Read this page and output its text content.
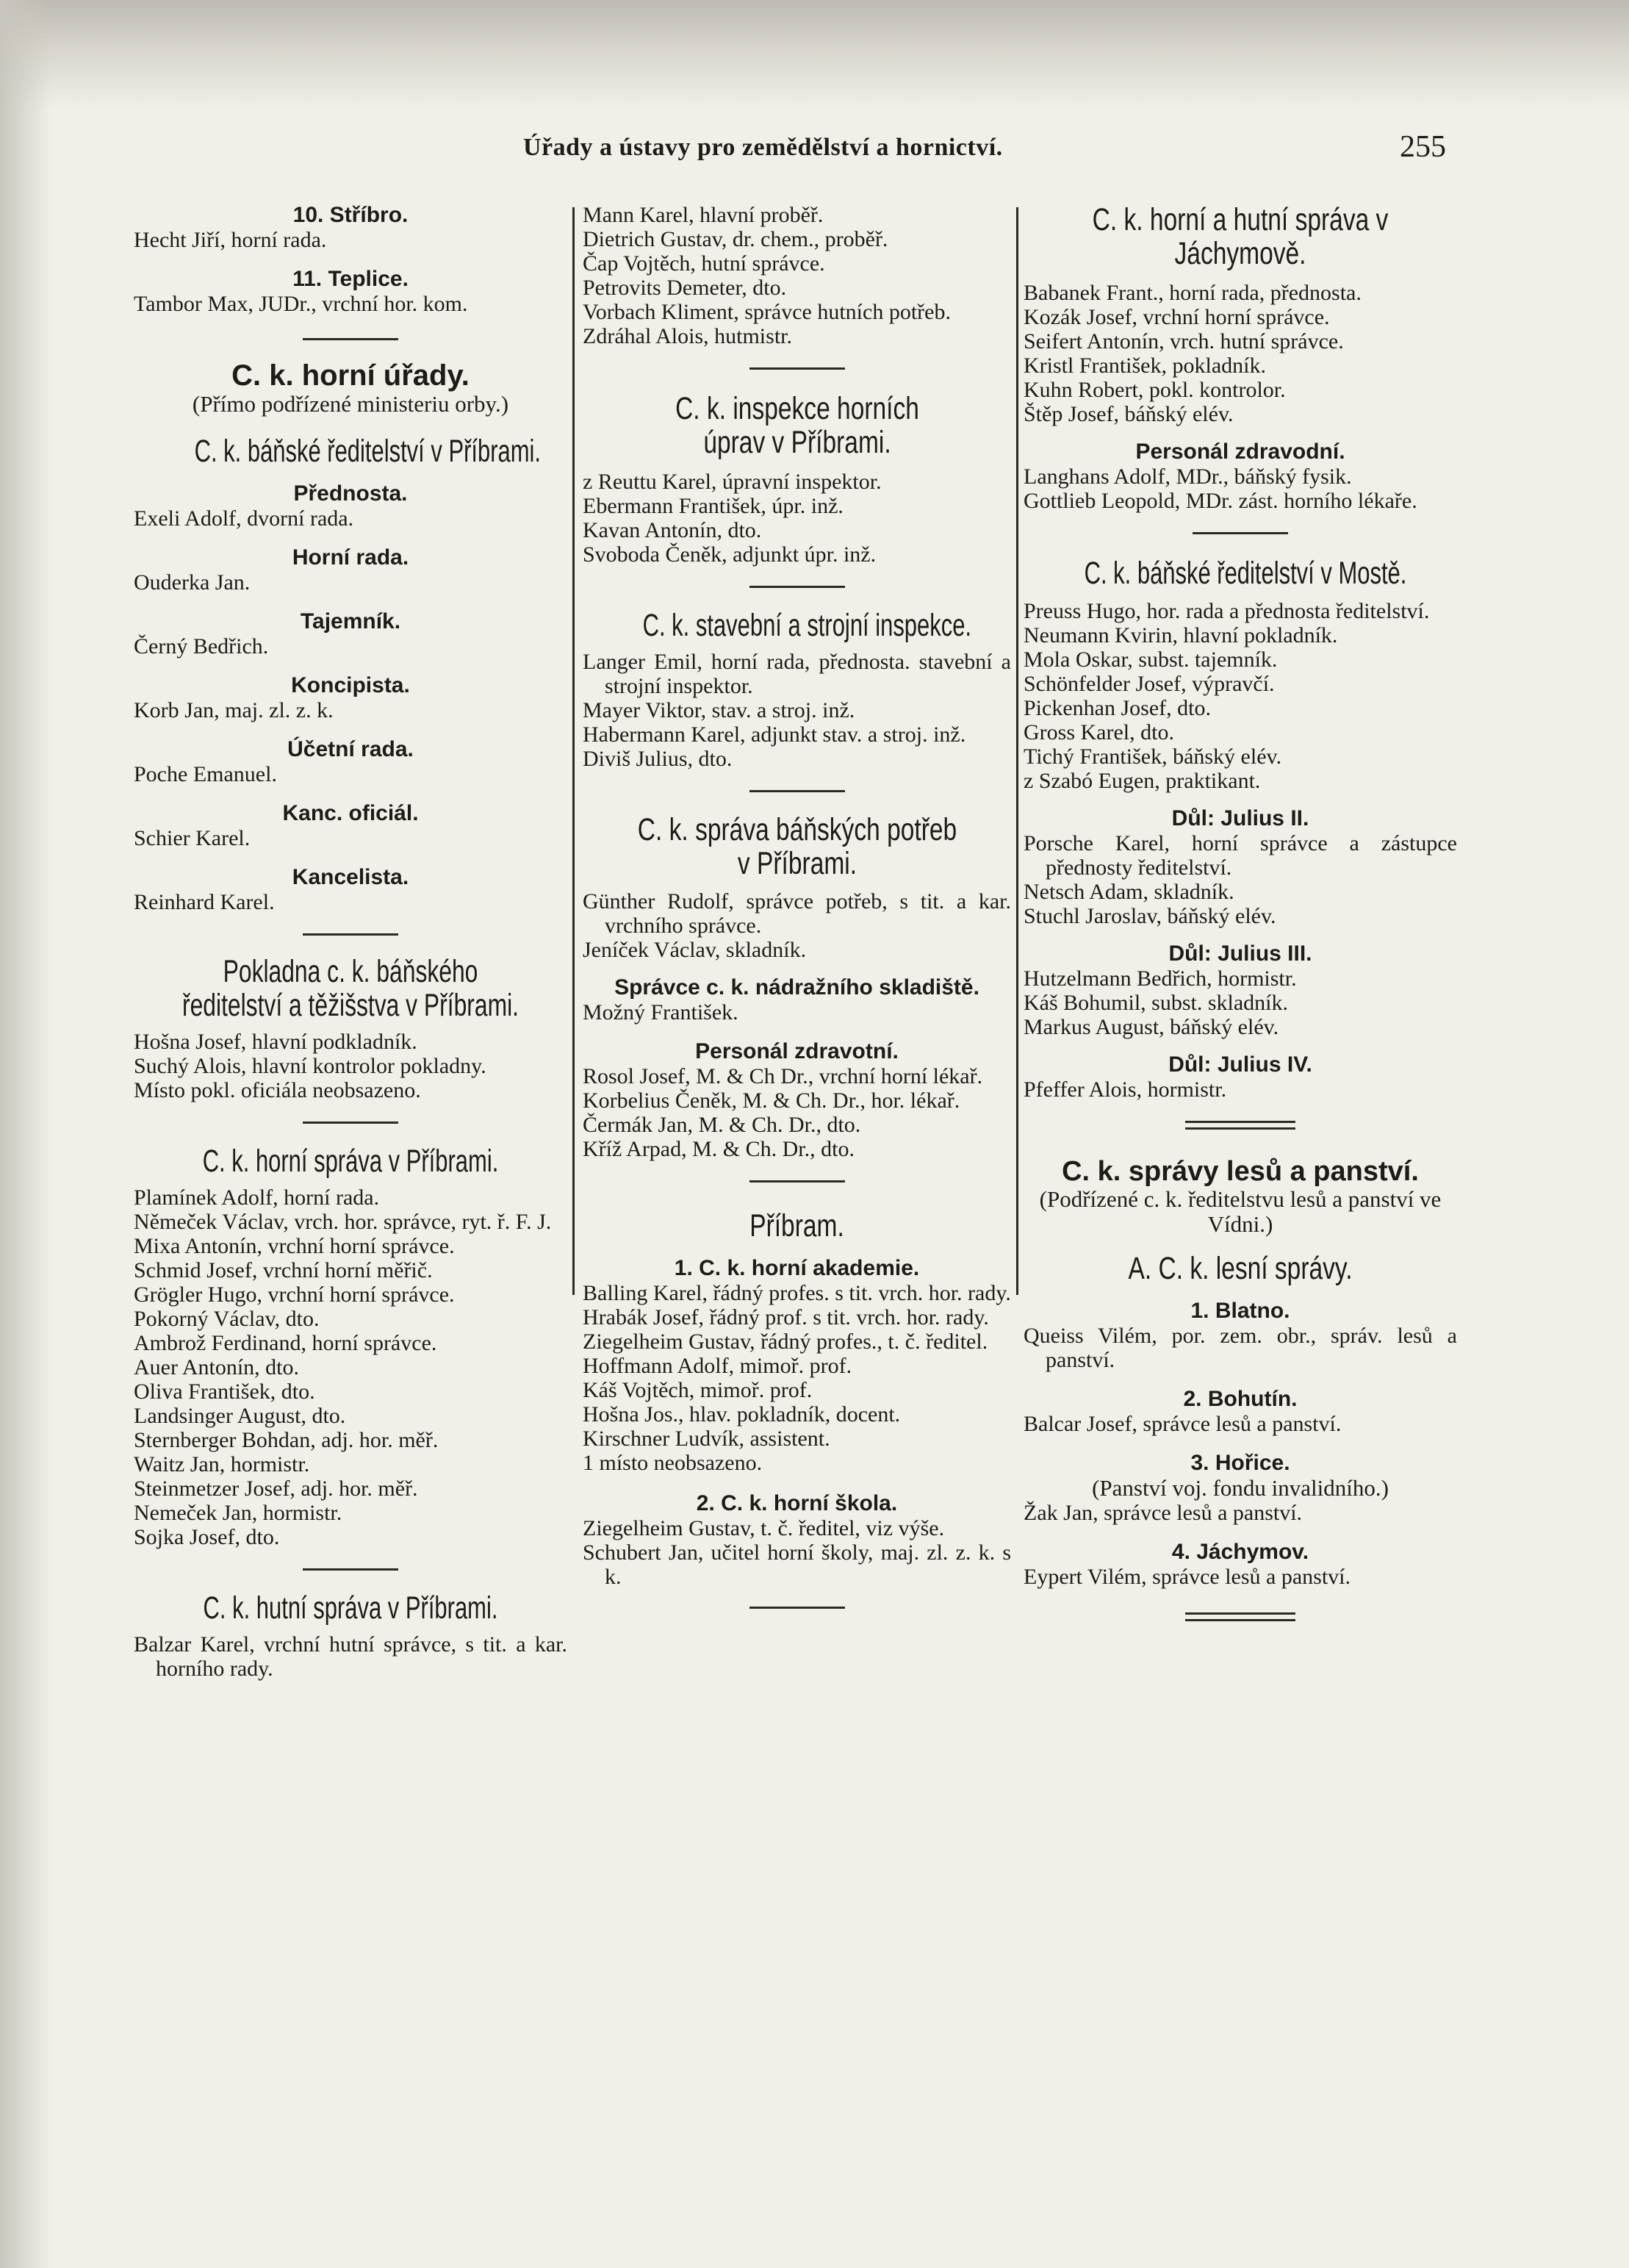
Úřady a ústavy pro zemědělství a hornictví.	255
10. Stříbro.
Hecht Jiří, horní rada.
11. Teplice.
Tambor Max, JUDr., vrchní hor. kom.
C. k. horní úřady.
(Přímo podřízené ministeriu orby.)
C. k. báňské ředitelství v Příbrami.
Přednosta.
Exeli Adolf, dvorní rada.
Horní rada.
Ouderka Jan.
Tajemník.
Černý Bedřich.
Koncipista.
Korb Jan, maj. zl. z. k.
Účetní rada.
Poche Emanuel.
Kanc. oficiál.
Schier Karel.
Kancelista.
Reinhard Karel.
Pokladna c. k. báňského ředitelství a těžišstva v Příbrami.
Hošna Josef, hlavní podkladník.
Suchý Alois, hlavní kontrolor pokladny.
Místo pokl. oficiála neobsazeno.
C. k. horní správa v Příbrami.
Plamínek Adolf, horní rada.
Němeček Václav, vrch. hor. správce, ryt. ř. F. J.
Mixa Antonín, vrchní horní správce.
Schmid Josef, vrchní horní měřič.
Grögler Hugo, vrchní horní správce.
Pokorný Václav, dto.
Ambrož Ferdinand, horní správce.
Auer Antonín, dto.
Oliva František, dto.
Landsinger August, dto.
Sternberger Bohdan, adj. hor. měř.
Waitz Jan, hormistr.
Steinmetzer Josef, adj. hor. měř.
Nemeček Jan, hormistr.
Sojka Josef, dto.
C. k. hutní správa v Příbrami.
Balzar Karel, vrchní hutní správce, s tit. a kar. horního rady.
Mann Karel, hlavní proběř.
Dietrich Gustav, dr. chem., proběř.
Čap Vojtěch, hutní správce.
Petrovits Demeter, dto.
Vorbach Kliment, správce hutních potřeb.
Zdráhal Alois, hutmistr.
C. k. inspekce horních úprav v Příbrami.
z Reuttu Karel, úpravní inspektor.
Ebermann František, úpr. inž.
Kavan Antonín, dto.
Svoboda Čeněk, adjunkt úpr. inž.
C. k. stavební a strojní inspekce.
Langer Emil, horní rada, přednosta. stavební a strojní inspektor.
Mayer Viktor, stav. a stroj. inž.
Habermann Karel, adjunkt stav. a stroj. inž.
Diviš Julius, dto.
C. k. správa báňských potřeb v Příbrami.
Günther Rudolf, správce potřeb, s tit. a kar. vrchního správce.
Jeníček Václav, skladník.
Správce c. k. nádražního skladiště.
Možný František.
Personál zdravotní.
Rosol Josef, M. & Ch Dr., vrchní horní lékař.
Korbelius Čeněk, M. & Ch. Dr., hor. lékař.
Čermák Jan, M. & Ch. Dr., dto.
Kříž Arpad, M. & Ch. Dr., dto.
Příbram.
1. C. k. horní akademie.
Balling Karel, řádný profes. s tit. vrch. hor. rady.
Hrabák Josef, řádný prof. s tit. vrch. hor. rady.
Ziegelheim Gustav, řádný profes., t. č. ředitel.
Hoffmann Adolf, mimoř. prof.
Káš Vojtěch, mimoř. prof.
Hošna Jos., hlav. pokladník, docent.
Kirschner Ludvík, assistent.
1 místo neobsazeno.
2. C. k. horní škola.
Ziegelheim Gustav, t. č. ředitel, viz výše.
Schubert Jan, učitel horní školy, maj. zl. z. k. s k.
C. k. horní a hutní správa v Jáchymově.
Babanek Frant., horní rada, přednosta.
Kozák Josef, vrchní horní správce.
Seifert Antonín, vrch. hutní správce.
Kristl František, pokladník.
Kuhn Robert, pokl. kontrolor.
Štěp Josef, báňský elév.
Personál zdravodní.
Langhans Adolf, MDr., báňský fysik.
Gottlieb Leopold, MDr. zást. horního lékaře.
C. k. báňské ředitelství v Mostě.
Preuss Hugo, hor. rada a přednosta ředitelství.
Neumann Kvirin, hlavní pokladník.
Mola Oskar, subst. tajemník.
Schönfelder Josef, výpravčí.
Pickenhan Josef, dto.
Gross Karel, dto.
Tichý František, báňský elév.
z Szabó Eugen, praktikant.
Důl: Julius II.
Porsche Karel, horní správce a zástupce přednosty ředitelství.
Netsch Adam, skladník.
Stuchl Jaroslav, báňský elév.
Důl: Julius III.
Hutzelmann Bedřich, hormistr.
Káš Bohumil, subst. skladník.
Markus August, báňský elév.
Důl: Julius IV.
Pfeffer Alois, hormistr.
C. k. správy lesů a panství.
(Podřízené c. k. ředitelstvu lesů a panství ve Vídni.)
A. C. k. lesní správy.
1. Blatno.
Queiss Vilém, por. zem. obr., správ. lesů a panství.
2. Bohutín.
Balcar Josef, správce lesů a panství.
3. Hořice.
(Panství voj. fondu invalidního.)
Žak Jan, správce lesů a panství.
4. Jáchymov.
Eypert Vilém, správce lesů a panství.
